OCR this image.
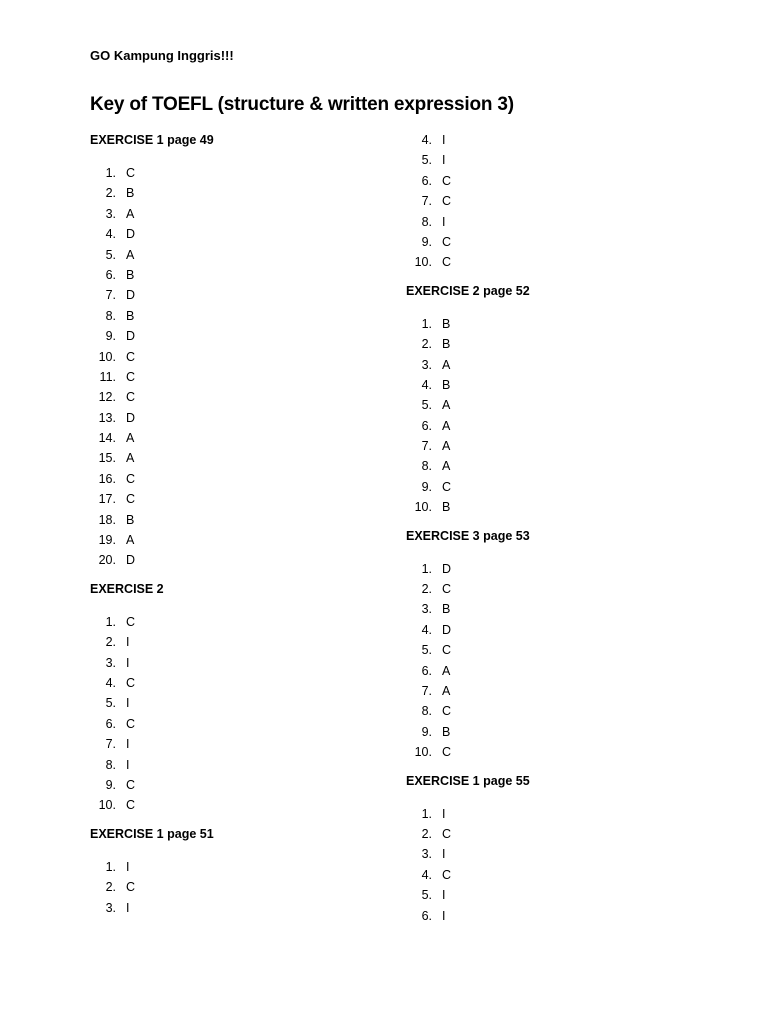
GO Kampung Inggris!!!
Key of TOEFL (structure & written expression 3)
EXERCISE 1 page 49
1. C
2. B
3. A
4. D
5. A
6. B
7. D
8. B
9. D
10. C
11. C
12. C
13. D
14. A
15. A
16. C
17. C
18. B
19. A
20. D
EXERCISE 2
1. C
2. I
3. I
4. C
5. I
6. C
7. I
8. I
9. C
10. C
EXERCISE 1 page 51
1. I
2. C
3. I
4. I
5. I
6. C
7. C
8. I
9. C
10. C
EXERCISE 2 page 52
1. B
2. B
3. A
4. B
5. A
6. A
7. A
8. A
9. C
10. B
EXERCISE 3 page 53
1. D
2. C
3. B
4. D
5. C
6. A
7. A
8. C
9. B
10. C
EXERCISE 1 page 55
1. I
2. C
3. I
4. C
5. I
6. I
